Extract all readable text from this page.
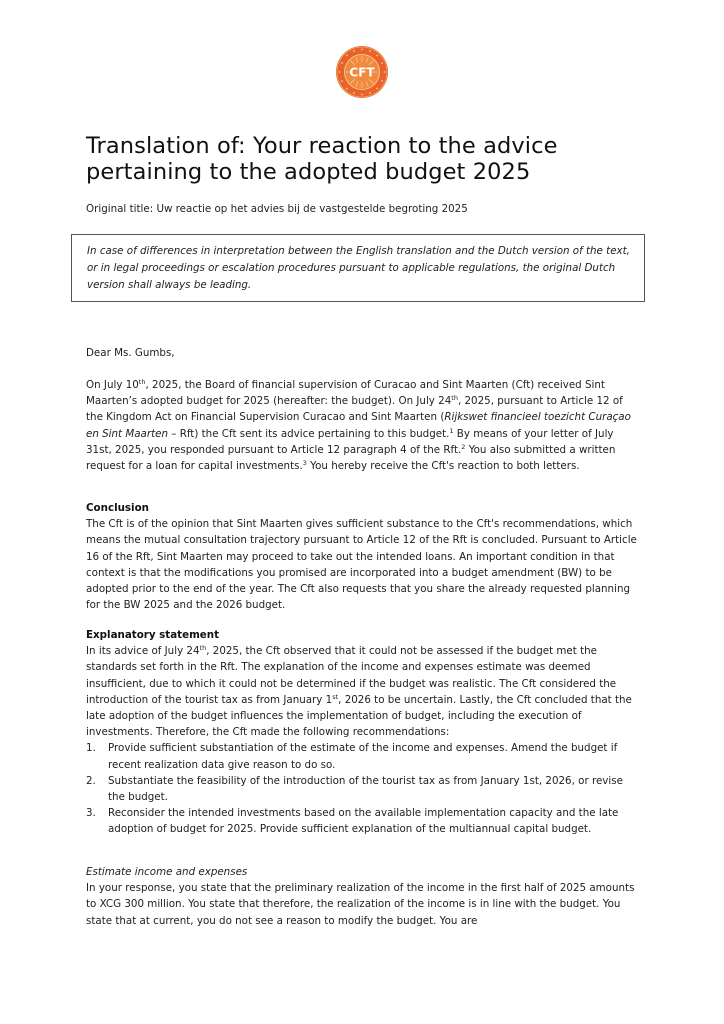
CFT
Translation of: Your reaction to the advice
pertaining to the adopted budget 2025
Original title: Uw reactie op het advies bij de vastgestelde begroting 2025
In case of differences in interpretation between the English translation and the Dutch version of the text, or in legal proceedings or escalation procedures pursuant to applicable regulations, the original Dutch version shall always be leading.

Dear Ms. Gumbs,

On July 10th, 2025, the Board of financial supervision of Curacao and Sint Maarten (Cft) received Sint Maarten’s adopted budget for 2025 (hereafter: the budget). On July 24th, 2025, pursuant to Article 12 of the Kingdom Act on Financial Supervision Curacao and Sint Maarten (Rijkswet financieel toezicht Curaçao en Sint Maarten – Rft) the Cft sent its advice pertaining to this budget.$^1$ By means of your letter of July 31st, 2025, you responded pursuant to Article 12 paragraph 4 of the Rft.$^2$ You also submitted a written request for a loan for capital investments.$^3$ You hereby receive the Cft's reaction to both letters.

Conclusion

The Cft is of the opinion that Sint Maarten gives sufficient substance to the Cft's recommendations, which means the mutual consultation trajectory pursuant to Article 12 of the Rft is concluded. Pursuant to Article 16 of the Rft, Sint Maarten may proceed to take out the intended loans. An important condition in that context is that the modifications you promised are incorporated into a budget amendment (BW) to be adopted prior to the end of the year. The Cft also requests that you share the already requested planning for the BW 2025 and the 2026 budget.

Explanatory statement

In its advice of July 24th, 2025, the Cft observed that it could not be assessed if the budget met the standards set forth in the Rft. The explanation of the income and expenses estimate was deemed insufficient, due to which it could not be determined if the budget was realistic. The Cft considered the introduction of the tourist tax as from January 1st, 2026 to be uncertain. Lastly, the Cft concluded that the late adoption of the budget influences the implementation of budget, including the execution of investments. Therefore, the Cft made the following recommendations:

1. Provide sufficient substantiation of the estimate of the income and expenses. Amend the budget if recent realization data give reason to do so.
2. Substantiate the feasibility of the introduction of the tourist tax as from January 1st, 2026, or revise the budget.
3. Reconsider the intended investments based on the available implementation capacity and the late adoption of budget for 2025. Provide sufficient explanation of the multiannual capital budget.

Estimate income and expenses

In your response, you state that the preliminary realization of the income in the first half of 2025 amounts to XCG 300 million. You state that therefore, the realization of the income is in line with the budget. You state that at current, you do not see a reason to modify the budget. You are
